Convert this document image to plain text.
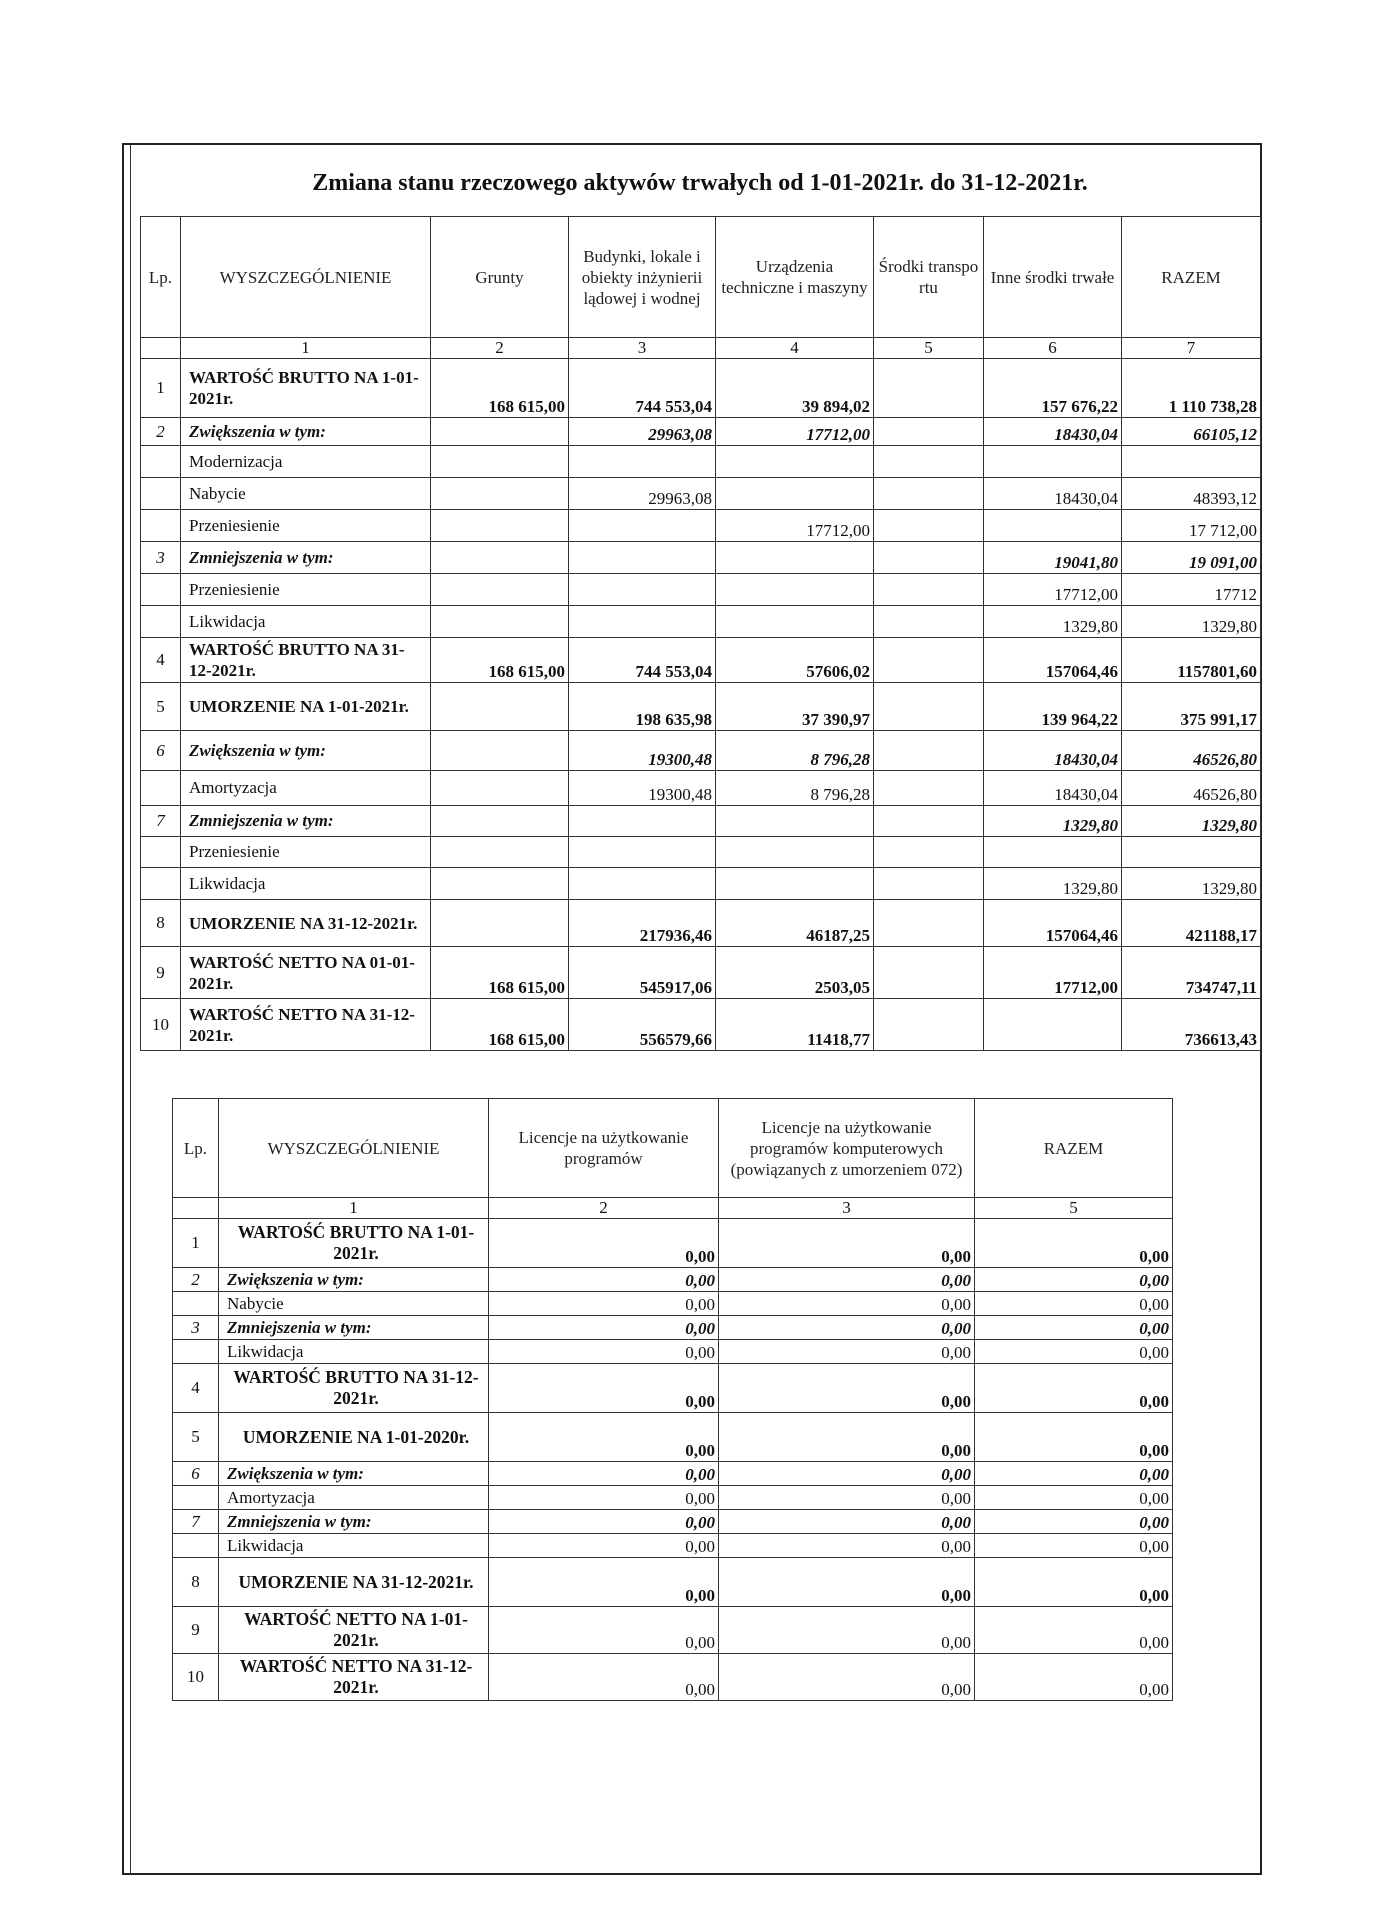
Zmiana stanu rzeczowego aktywów trwałych od 1-01-2021r. do 31-12-2021r.
Lp.	WYSZCZEGÓLNIENIE	Grunty	Budynki, lokale i obiekty inżynierii lądowej i wodnej	Urządzenia techniczne i maszyny	Środki transpo rtu	Inne środki trwałe	RAZEM
	1	2	3	4	5	6	7
1	WARTOŚĆ BRUTTO NA 1-01-2021r.	168 615,00	744 553,04	39 894,02		157 676,22	1 110 738,28
2	Zwiększenia w tym:		29963,08	17712,00		18430,04	66105,12
	Modernizacja						
	Nabycie		29963,08			18430,04	48393,12
	Przeniesienie			17712,00			17 712,00
3	Zmniejszenia w tym:					19041,80	19 091,00
	Przeniesienie					17712,00	17712
	Likwidacja					1329,80	1329,80
4	WARTOŚĆ BRUTTO NA 31-12-2021r.	168 615,00	744 553,04	57606,02		157064,46	1157801,60
5	UMORZENIE NA 1-01-2021r.		198 635,98	37 390,97		139 964,22	375 991,17
6	Zwiększenia w tym:		19300,48	8 796,28		18430,04	46526,80
	Amortyzacja		19300,48	8 796,28		18430,04	46526,80
7	Zmniejszenia w tym:					1329,80	1329,80
	Przeniesienie						
	Likwidacja					1329,80	1329,80
8	UMORZENIE NA 31-12-2021r.		217936,46	46187,25		157064,46	421188,17
9	WARTOŚĆ NETTO NA 01-01-2021r.	168 615,00	545917,06	2503,05		17712,00	734747,11
10	WARTOŚĆ NETTO NA 31-12-2021r.	168 615,00	556579,66	11418,77			736613,43
Lp.	WYSZCZEGÓLNIENIE	Licencje na użytkowanie programów	Licencje na użytkowanie programów komputerowych (powiązanych z umorzeniem 072)	RAZEM
	1	2	3	5
1	WARTOŚĆ BRUTTO NA 1-01-2021r.	0,00	0,00	0,00
2	Zwiększenia w tym:	0,00	0,00	0,00
	Nabycie	0,00	0,00	0,00
3	Zmniejszenia w tym:	0,00	0,00	0,00
	Likwidacja	0,00	0,00	0,00
4	WARTOŚĆ BRUTTO NA 31-12-2021r.	0,00	0,00	0,00
5	UMORZENIE NA 1-01-2020r.	0,00	0,00	0,00
6	Zwiększenia w tym:	0,00	0,00	0,00
	Amortyzacja	0,00	0,00	0,00
7	Zmniejszenia w tym:	0,00	0,00	0,00
	Likwidacja	0,00	0,00	0,00
8	UMORZENIE NA 31-12-2021r.	0,00	0,00	0,00
9	WARTOŚĆ NETTO NA 1-01-2021r.	0,00	0,00	0,00
10	WARTOŚĆ NETTO NA 31-12-2021r.	0,00	0,00	0,00
